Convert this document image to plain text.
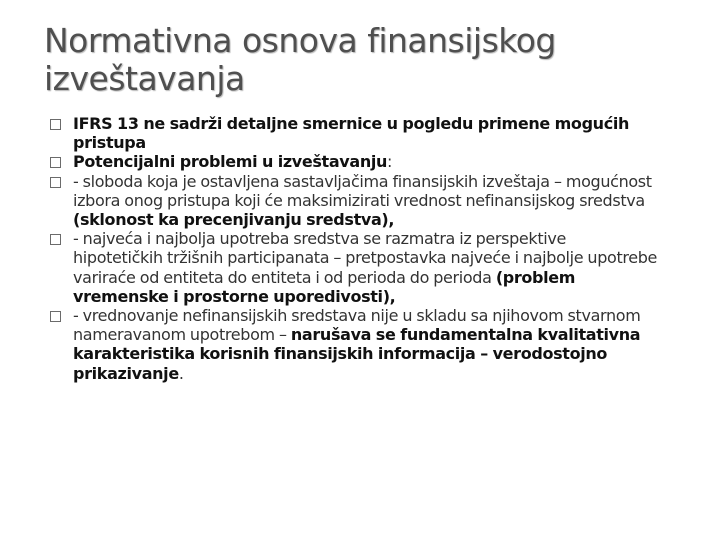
Normativna osnova finansijskog
izveštavanja
IFRS 13 ne sadrži detaljne smernice u pogledu primene mogućih pristupa
Potencijalni problemi u izveštavanju:
- sloboda koja je ostavljena sastavljačima finansijskih izveštaja – mogućnost izbora onog pristupa koji će maksimizirati vrednost nefinansijskog sredstva (sklonost ka precenjivanju sredstva),
- najveća i najbolja upotreba sredstva se razmatra iz perspektive hipotetičkih tržišnih participanata – pretpostavka najveće i najbolje upotrebe variraće od entiteta do entiteta i od perioda do perioda (problem vremenske i prostorne uporedivosti),
- vrednovanje nefinansijskih sredstava nije u skladu sa njihovom stvarnom nameravanom upotrebom – narušava se fundamentalna kvalitativna karakteristika korisnih finansijskih informacija – verodostojno prikazivanje.
